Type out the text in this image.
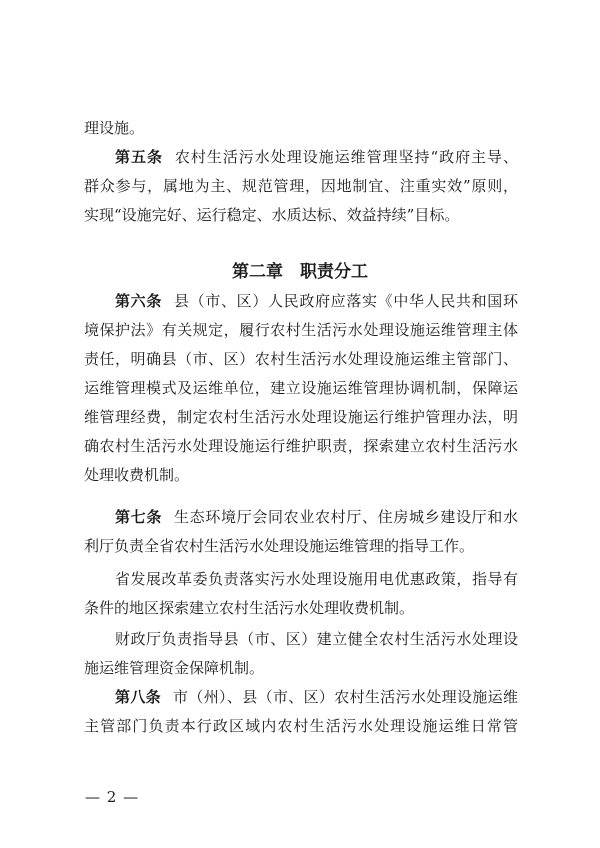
理设施。
第五条 农村生活污水处理设施运维管理坚持“政府主导、
群众参与，属地为主、规范管理，因地制宜、注重实效”原则，
实现“设施完好、运行稳定、水质达标、效益持续”目标。
第二章　职责分工
第六条 县（市、区）人民政府应落实《中华人民共和国环
境保护法》有关规定，履行农村生活污水处理设施运维管理主体
责任，明确县（市、区）农村生活污水处理设施运维主管部门、
运维管理模式及运维单位，建立设施运维管理协调机制，保障运
维管理经费，制定农村生活污水处理设施运行维护管理办法，明
确农村生活污水处理设施运行维护职责，探索建立农村生活污水
处理收费机制。
第七条 生态环境厅会同农业农村厅、住房城乡建设厅和水
利厅负责全省农村生活污水处理设施运维管理的指导工作。
省发展改革委负责落实污水处理设施用电优惠政策，指导有
条件的地区探索建立农村生活污水处理收费机制。
财政厅负责指导县（市、区）建立健全农村生活污水处理设
施运维管理资金保障机制。
第八条 市（州）、县（市、区）农村生活污水处理设施运维
主管部门负责本行政区域内农村生活污水处理设施运维日常管
— 2 —
